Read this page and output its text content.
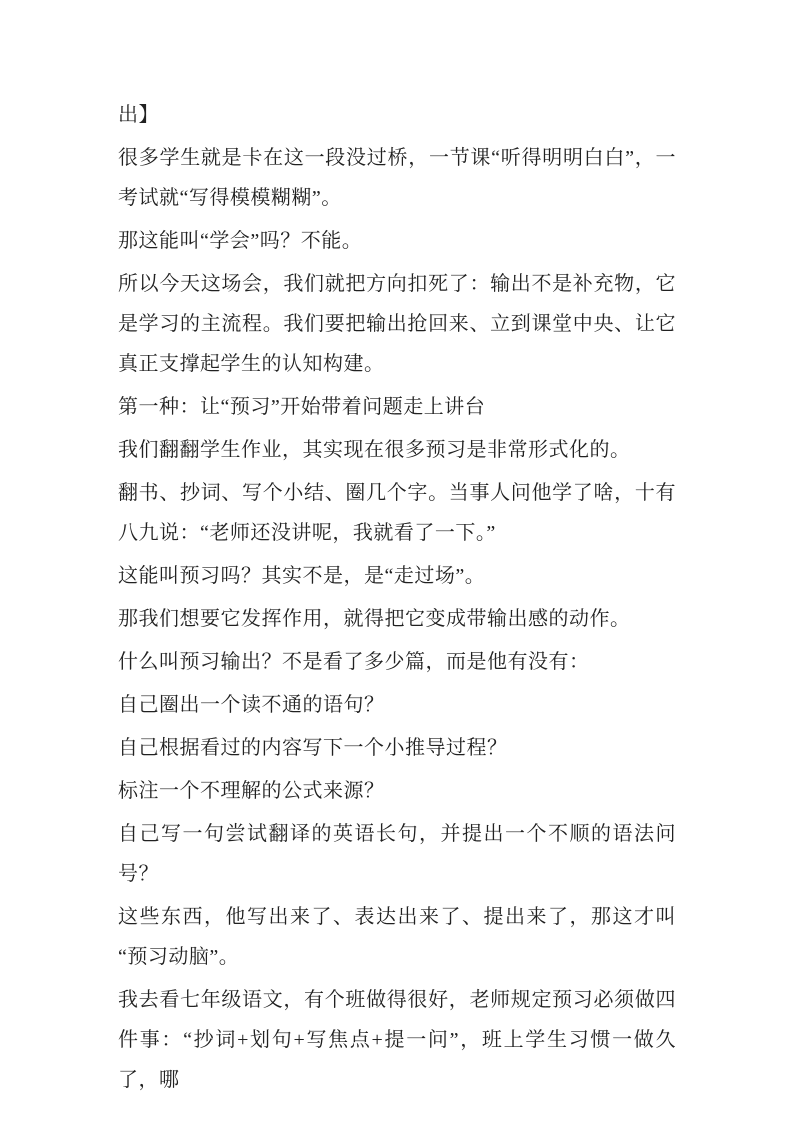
出】

很多学生就是卡在这一段没过桥，一节课“听得明明白白”，一考试就“写得模模糊糊”。

那这能叫“学会”吗？不能。

所以今天这场会，我们就把方向扣死了：输出不是补充物，它是学习的主流程。我们要把输出抢回来、立到课堂中央、让它真正支撑起学生的认知构建。

第一种：让“预习”开始带着问题走上讲台

我们翻翻学生作业，其实现在很多预习是非常形式化的。

翻书、抄词、写个小结、圈几个字。当事人问他学了啥，十有八九说：“老师还没讲呢，我就看了一下。”

这能叫预习吗？其实不是，是“走过场”。

那我们想要它发挥作用，就得把它变成带输出感的动作。

什么叫预习输出？不是看了多少篇，而是他有没有：

自己圈出一个读不通的语句？

自己根据看过的内容写下一个小推导过程？

标注一个不理解的公式来源？

自己写一句尝试翻译的英语长句，并提出一个不顺的语法问号？

这些东西，他写出来了、表达出来了、提出来了，那这才叫“预习动脑”。

我去看七年级语文，有个班做得很好，老师规定预习必须做四件事：“抄词+划句+写焦点+提一问”，班上学生习惯一做久了，哪
